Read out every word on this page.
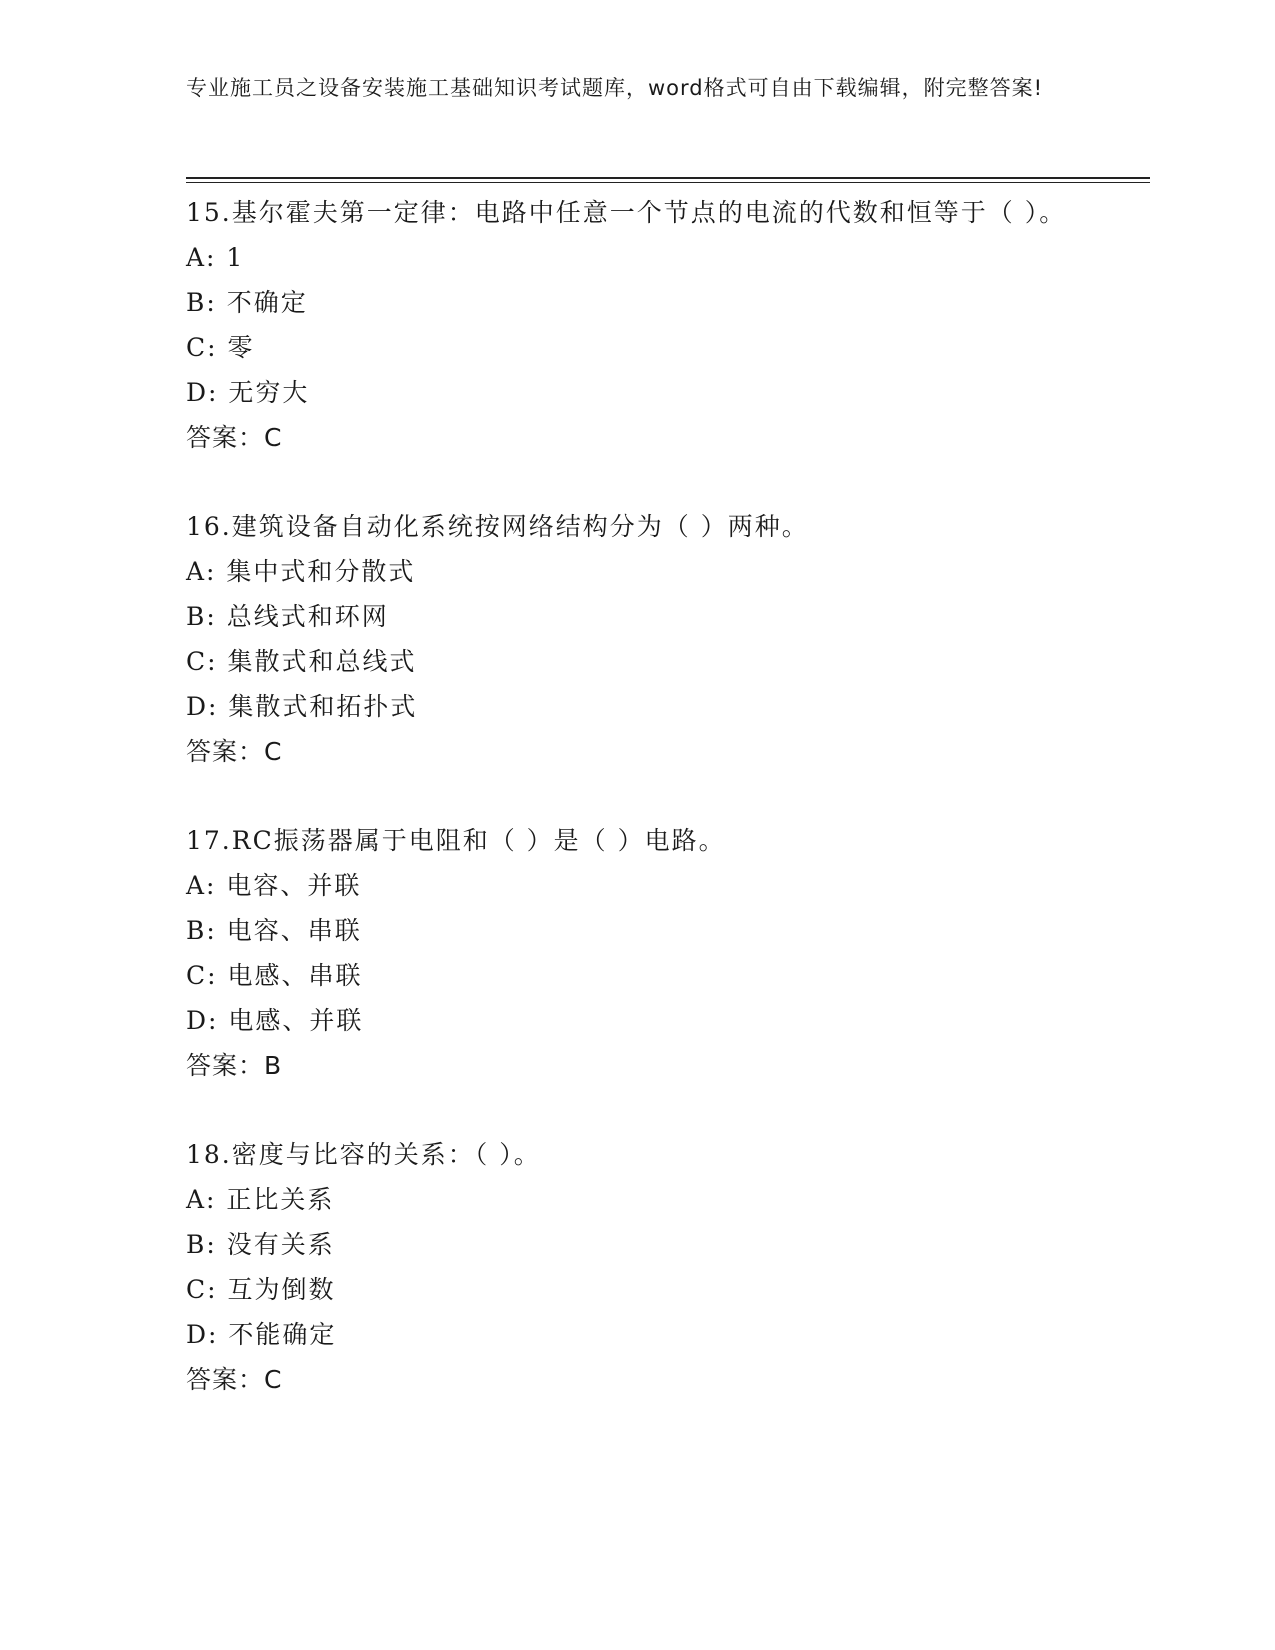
专业施工员之设备安装施工基础知识考试题库，word格式可自由下载编辑，附完整答案!
15.基尔霍夫第一定律：电路中任意一个节点的电流的代数和恒等于（ ）。
A: 1
B: 不确定
C: 零
D: 无穷大
答案：C
16.建筑设备自动化系统按网络结构分为（ ）两种。
A: 集中式和分散式
B: 总线式和环网
C: 集散式和总线式
D: 集散式和拓扑式
答案：C
17.RC振荡器属于电阻和（ ）是（ ）电路。
A: 电容、并联
B: 电容、串联
C: 电感、串联
D: 电感、并联
答案：B
18.密度与比容的关系：（ ）。
A: 正比关系
B: 没有关系
C: 互为倒数
D: 不能确定
答案：C
